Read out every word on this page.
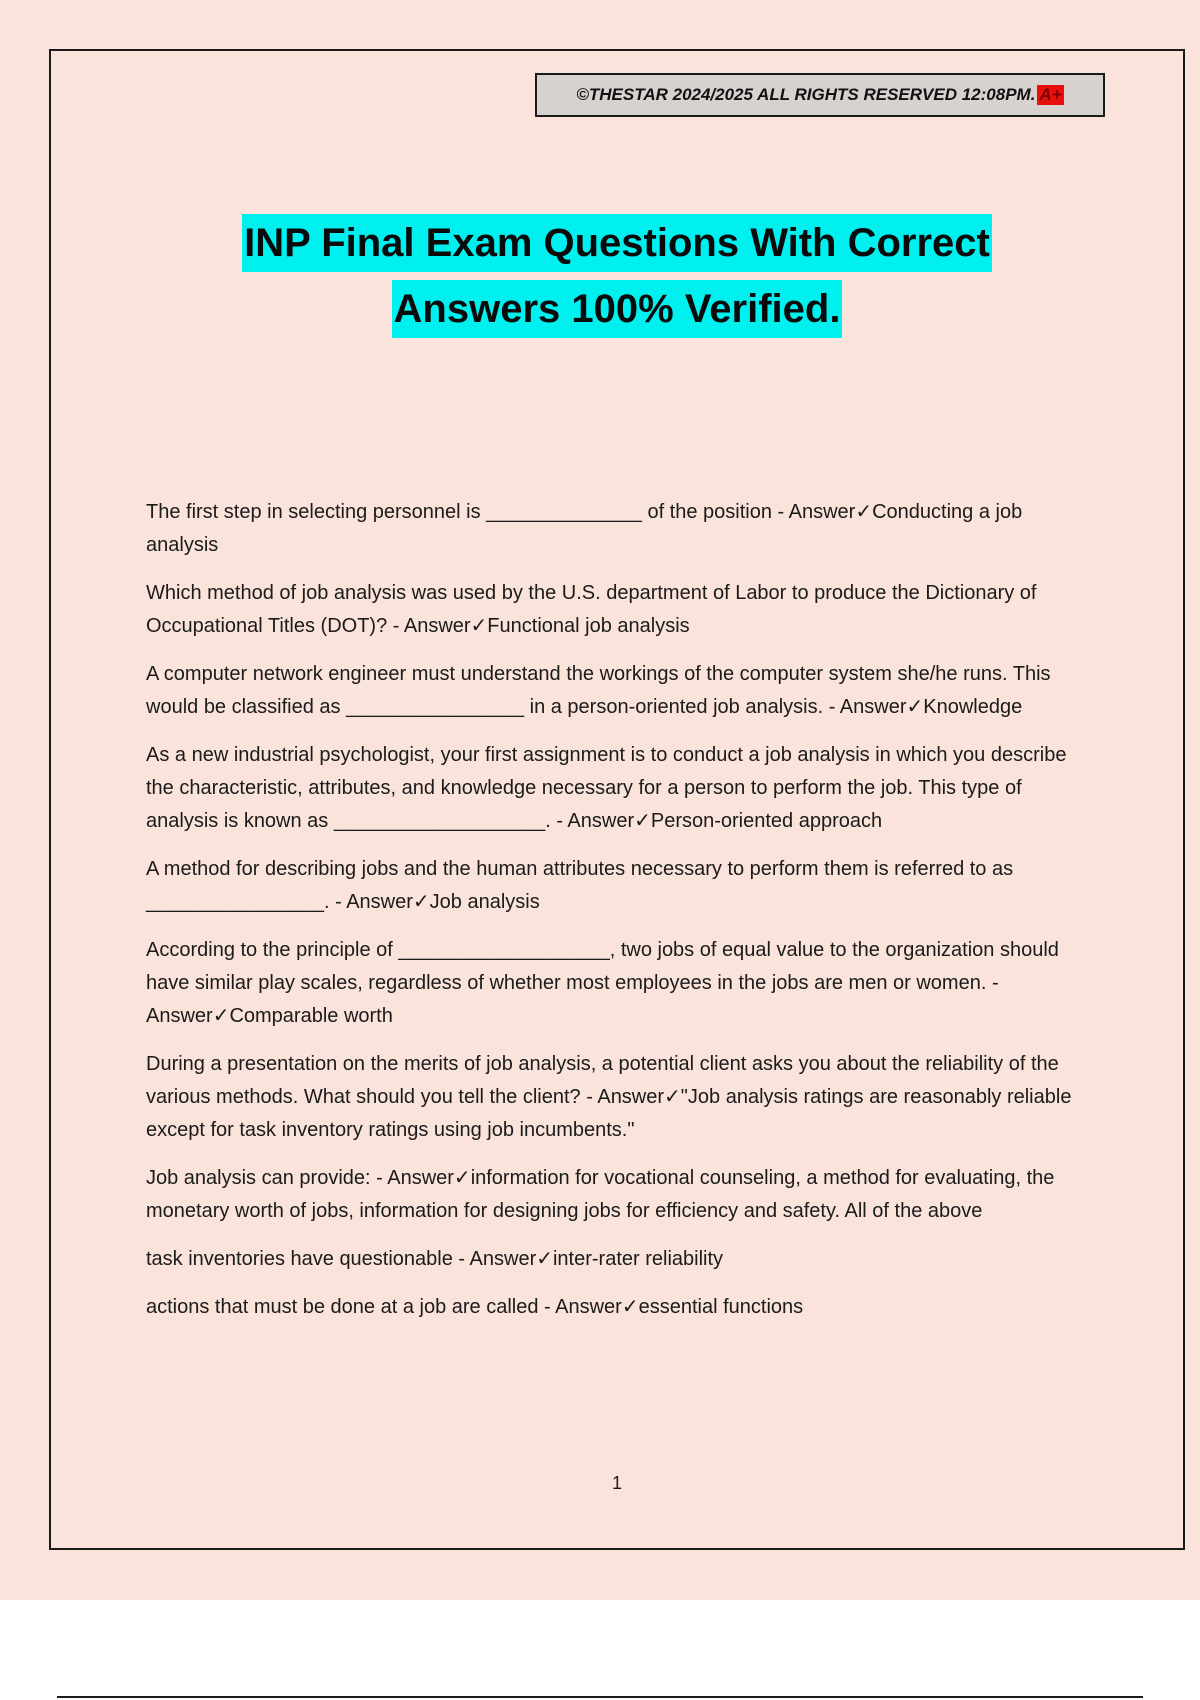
©THESTAR 2024/2025 ALL RIGHTS RESERVED 12:08PM. A+
INP Final Exam Questions With Correct
Answers 100% Verified.

The first step in selecting personnel is ______________ of the position - Answer✓Conducting a job analysis

Which method of job analysis was used by the U.S. department of Labor to produce the Dictionary of Occupational Titles (DOT)? - Answer✓Functional job analysis

A computer network engineer must understand the workings of the computer system she/he runs. This would be classified as ________________ in a person-oriented job analysis. - Answer✓Knowledge

As a new industrial psychologist, your first assignment is to conduct a job analysis in which you describe the characteristic, attributes, and knowledge necessary for a person to perform the job. This type of analysis is known as ___________________. - Answer✓Person-oriented approach

A method for describing jobs and the human attributes necessary to perform them is referred to as ________________. - Answer✓Job analysis

According to the principle of ___________________, two jobs of equal value to the organization should have similar play scales, regardless of whether most employees in the jobs are men or women. - Answer✓Comparable worth

During a presentation on the merits of job analysis, a potential client asks you about the reliability of the various methods. What should you tell the client? - Answer✓"Job analysis ratings are reasonably reliable except for task inventory ratings using job incumbents."

Job analysis can provide: - Answer✓information for vocational counseling, a method for evaluating, the monetary worth of jobs, information for designing jobs for efficiency and safety. All of the above

task inventories have questionable - Answer✓inter-rater reliability

actions that must be done at a job are called - Answer✓essential functions

1
